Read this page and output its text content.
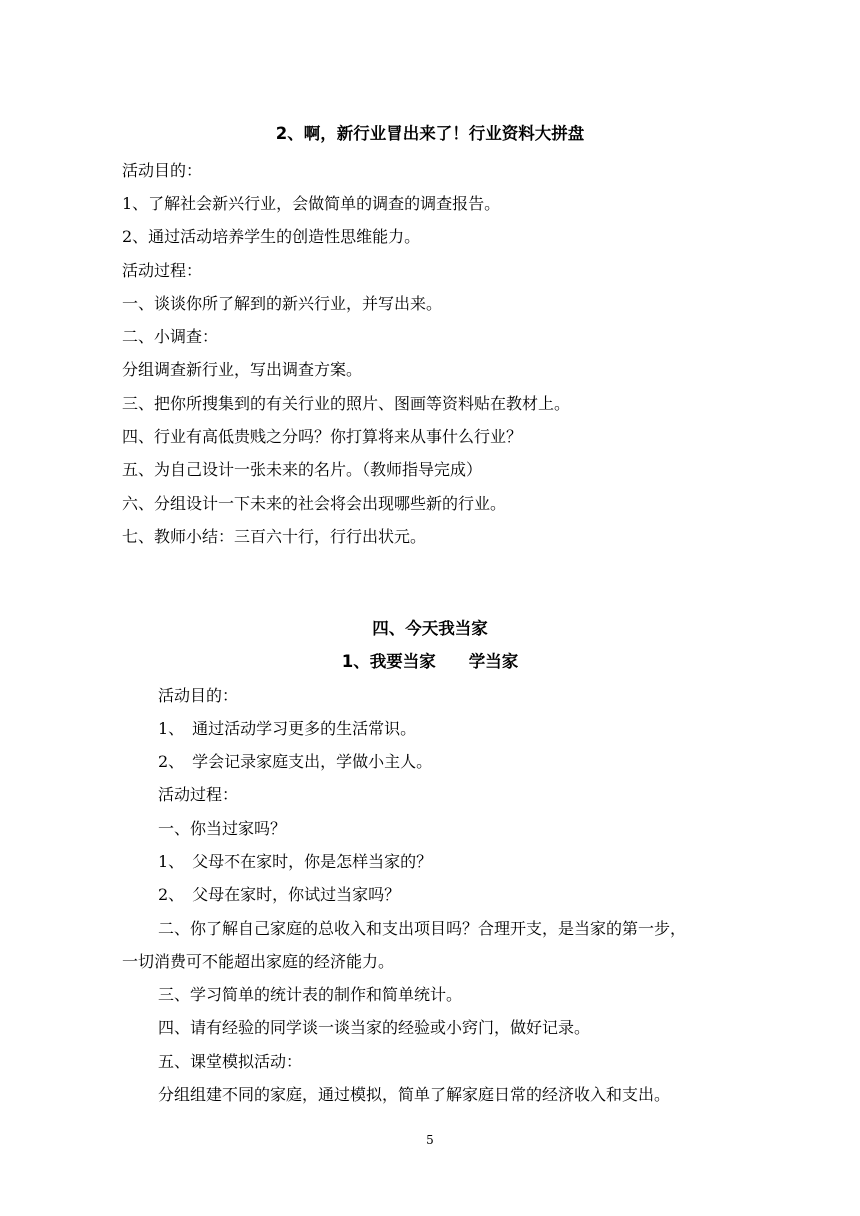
2、啊，新行业冒出来了！行业资料大拼盘
活动目的：
1、了解社会新兴行业，会做简单的调查的调查报告。
2、通过活动培养学生的创造性思维能力。
活动过程：
一、谈谈你所了解到的新兴行业，并写出来。
二、小调查：
分组调查新行业，写出调查方案。
三、把你所搜集到的有关行业的照片、图画等资料贴在教材上。
四、行业有高低贵贱之分吗？你打算将来从事什么行业？
五、为自己设计一张未来的名片。（教师指导完成）
六、分组设计一下未来的社会将会出现哪些新的行业。
七、教师小结：三百六十行，行行出状元。
四、今天我当家
1、我要当家　　学当家
活动目的：
1、　通过活动学习更多的生活常识。
2、　学会记录家庭支出，学做小主人。
活动过程：
一、你当过家吗？
1、　父母不在家时，你是怎样当家的？
2、　父母在家时，你试过当家吗？
二、你了解自己家庭的总收入和支出项目吗？合理开支，是当家的第一步，
一切消费可不能超出家庭的经济能力。
三、学习简单的统计表的制作和简单统计。
四、请有经验的同学谈一谈当家的经验或小窍门，做好记录。
五、课堂模拟活动：
分组组建不同的家庭，通过模拟，简单了解家庭日常的经济收入和支出。
5
